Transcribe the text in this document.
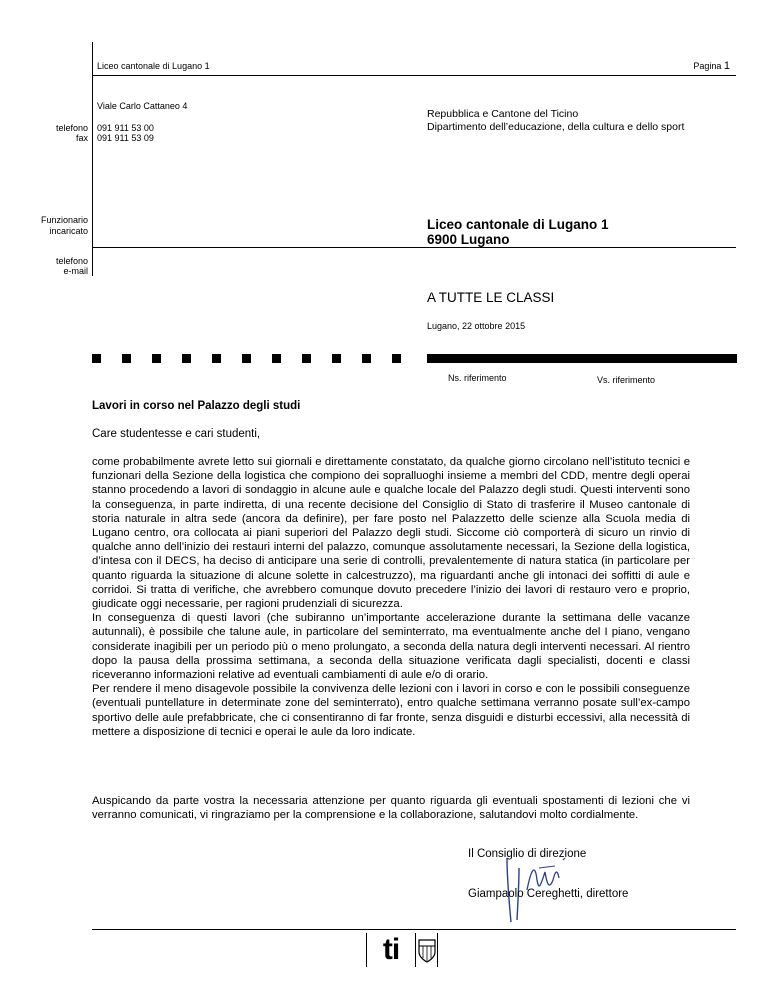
Liceo cantonale di Lugano 1	Pagina 1
Viale Carlo Cattaneo 4
telefono 091 911 53 00
fax 091 911 53 09
Funzionario
incaricato
telefono
e-mail
Repubblica e Cantone del Ticino
Dipartimento dell’educazione, della cultura e dello sport
Liceo cantonale di Lugano 1
6900 Lugano
A TUTTE LE CLASSI
Lugano, 22 ottobre 2015
Ns. riferimento	Vs. riferimento
Lavori in corso nel Palazzo degli studi
Care studentesse e cari studenti,

come probabilmente avrete letto sui giornali e direttamente constatato, da qualche giorno circolano nell’istituto tecnici e funzionari della Sezione della logistica che compiono dei sopralluoghi insieme a membri del CDD, mentre degli operai stanno procedendo a lavori di sondaggio in alcune aule e qualche locale del Palazzo degli studi. Questi interventi sono la conseguenza, in parte indiretta, di una recente decisione del Consiglio di Stato di trasferire il Museo cantonale di storia naturale in altra sede (ancora da definire), per fare posto nel Palazzetto delle scienze alla Scuola media di Lugano centro, ora collocata ai piani superiori del Palazzo degli studi. Siccome ciò comporterà di sicuro un rinvio di qualche anno dell’inizio dei restauri interni del palazzo, comunque assolutamente necessari, la Sezione della logistica, d’intesa con il DECS, ha deciso di anticipare una serie di controlli, prevalentemente di natura statica (in particolare per quanto riguarda la situazione di alcune solette in calcestruzzo), ma riguardanti anche gli intonaci dei soffitti di aule e corridoi. Si tratta di verifiche, che avrebbero comunque dovuto precedere l’inizio dei lavori di restauro vero e proprio, giudicate oggi necessarie, per ragioni prudenziali di sicurezza.

In conseguenza di questi lavori (che subiranno un’importante accelerazione durante la settimana delle vacanze autunnali), è possibile che talune aule, in particolare del seminterrato, ma eventualmente anche del I piano, vengano considerate inagibili per un periodo più o meno prolungato, a seconda della natura degli interventi necessari. Al rientro dopo la pausa della prossima settimana, a seconda della situazione verificata dagli specialisti, docenti e classi riceveranno informazioni relative ad eventuali cambiamenti di aule e/o di orario.

Per rendere il meno disagevole possibile la convivenza delle lezioni con i lavori in corso e con le possibili conseguenze (eventuali puntellature in determinate zone del seminterrato), entro qualche settimana verranno posate sull’ex-campo sportivo delle aule prefabbricate, che ci consentiranno di far fronte, senza disguidi e disturbi eccessivi, alla necessità di mettere a disposizione di tecnici e operai le aule da loro indicate.

Auspicando da parte vostra la necessaria attenzione per quanto riguarda gli eventuali spostamenti di lezioni che vi verranno comunicati, vi ringraziamo per la comprensione e la collaborazione, salutandovi molto cordialmente.

Il Consiglio di direzione
Giampaolo Cereghetti, direttore
ti
